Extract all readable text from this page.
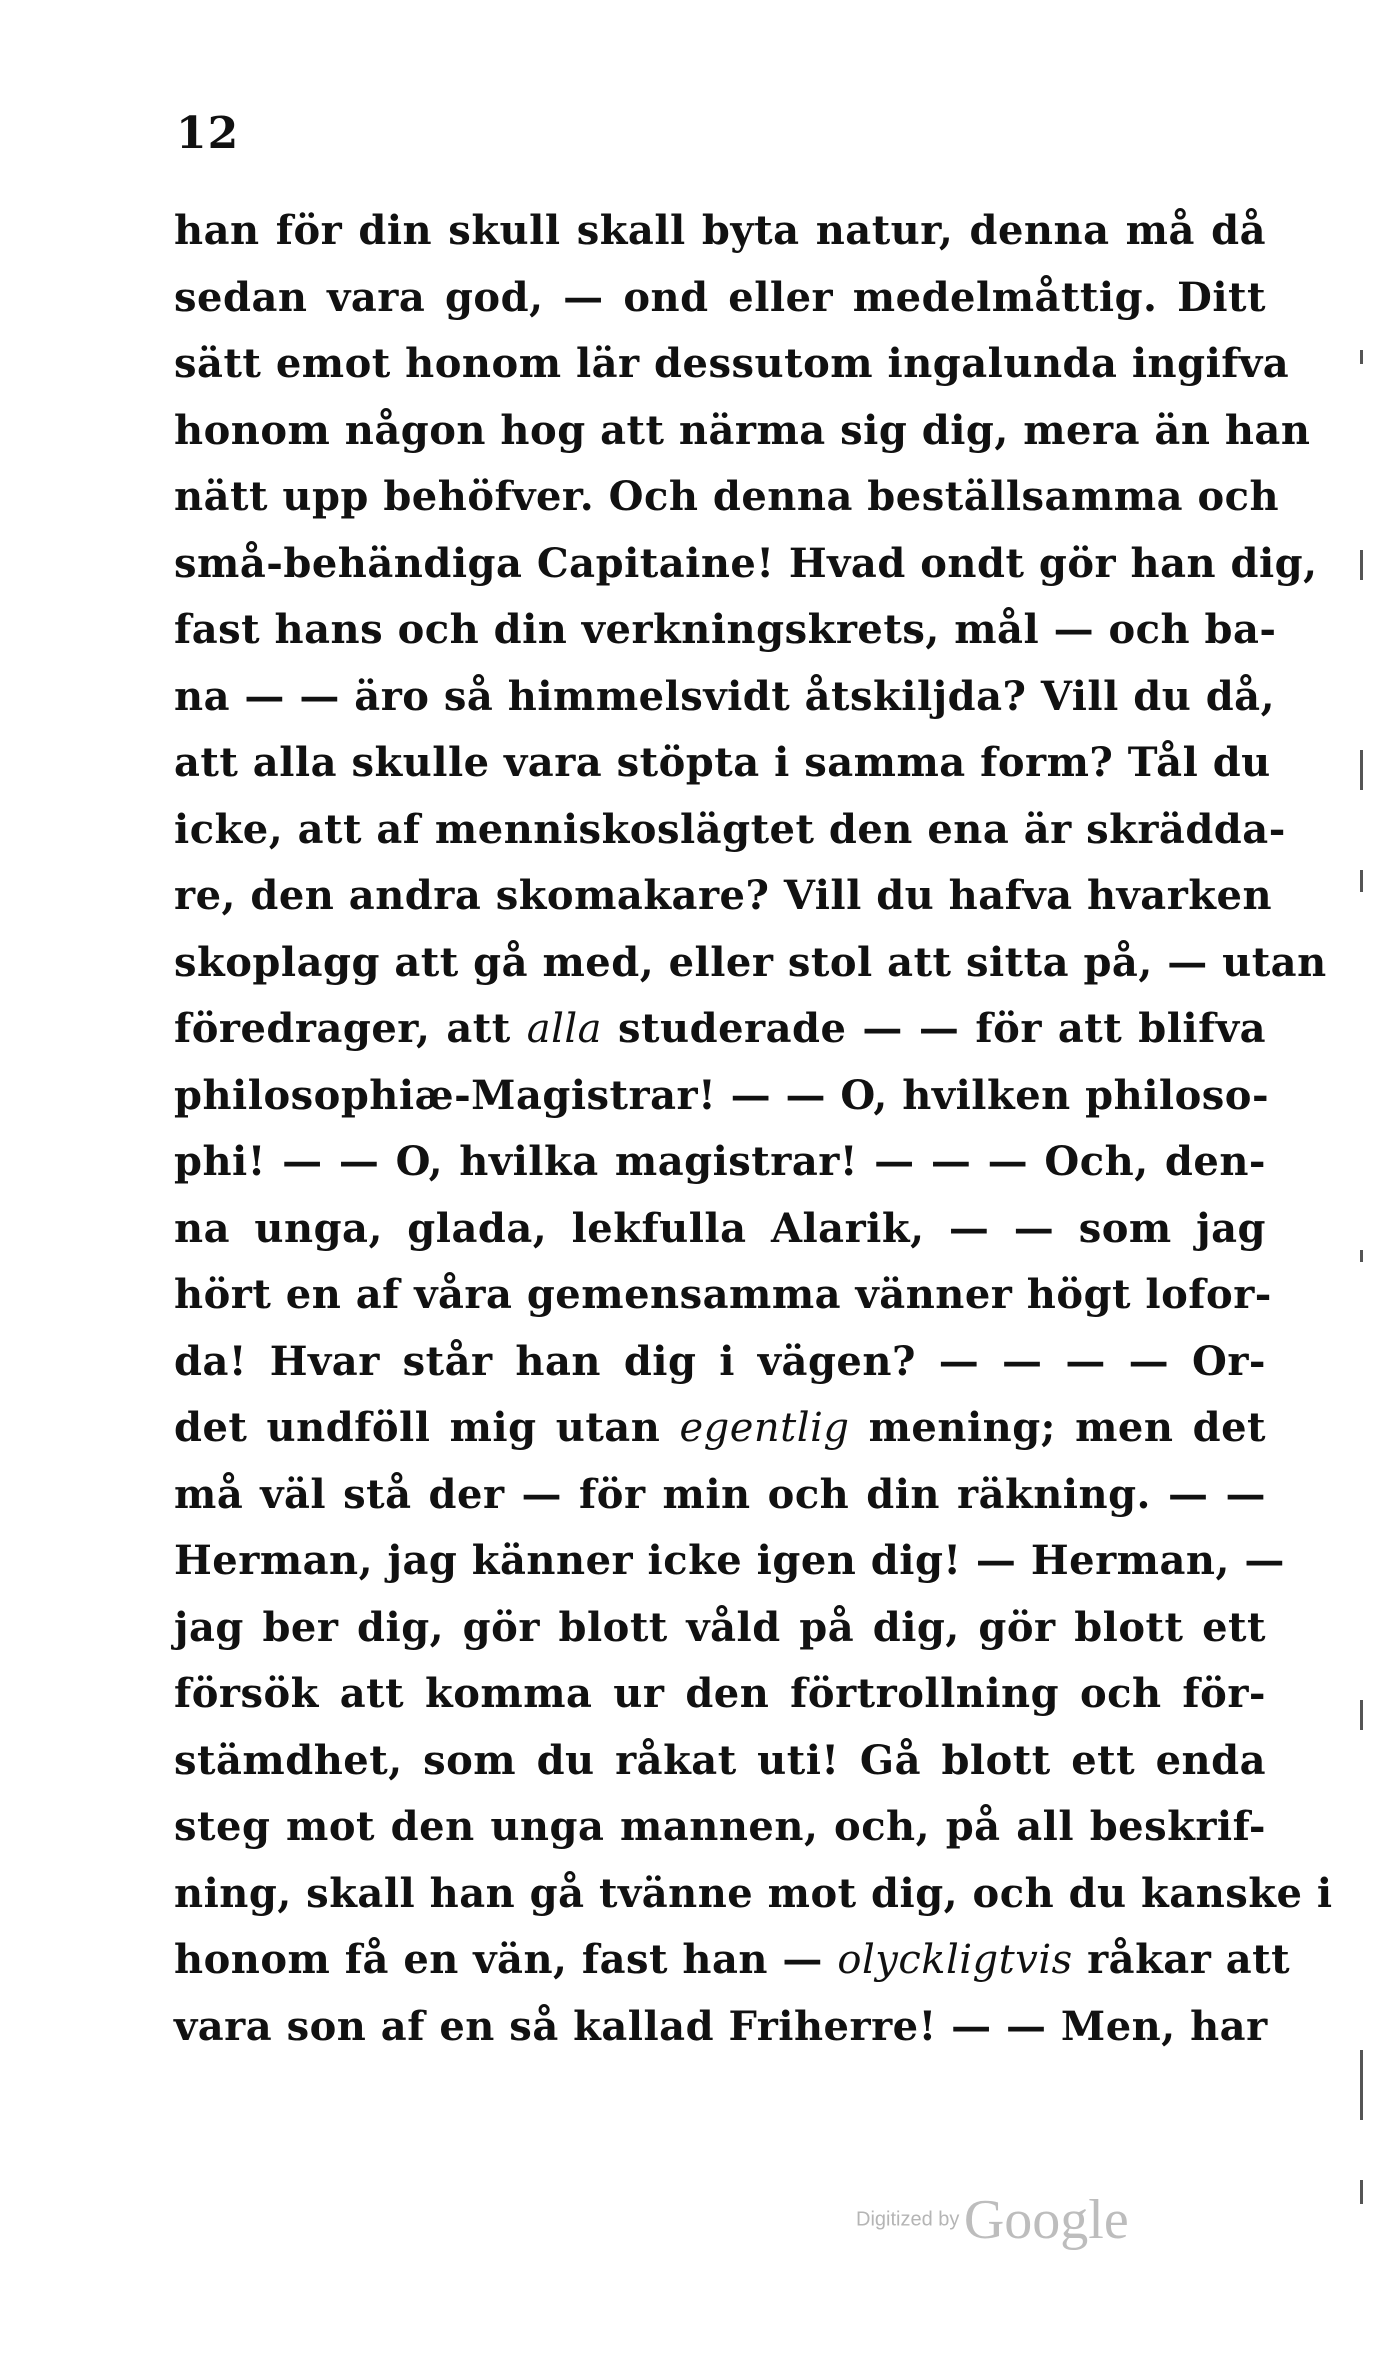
12
han för din skull skall byta natur, denna må då
sedan vara god, — ond eller medelmåttig. Ditt
sätt emot honom lär dessutom ingalunda ingifva
honom någon hog att närma sig dig, mera än han
nätt upp behöfver. Och denna beställsamma och
små-behändiga Capitaine! Hvad ondt gör han dig,
fast hans och din verkningskrets, mål — och ba-
na — — äro så himmelsvidt åtskiljda? Vill du då,
att alla skulle vara stöpta i samma form? Tål du
icke, att af menniskoslägtet den ena är skrädda-
re, den andra skomakare? Vill du hafva hvarken
skoplagg att gå med, eller stol att sitta på, — utan
föredrager, att alla studerade — — för att blifva
philosophiæ-Magistrar! — — O, hvilken philoso-
phi! — — O, hvilka magistrar! — — — Och, den-
na unga, glada, lekfulla Alarik, — — som jag
hört en af våra gemensamma vänner högt lofor-
da! Hvar står han dig i vägen? — — — — Or-
det undföll mig utan egentlig mening; men det
må väl stå der — för min och din räkning. — —
Herman, jag känner icke igen dig! — Herman, —
jag ber dig, gör blott våld på dig, gör blott ett
försök att komma ur den förtrollning och för-
stämdhet, som du råkat uti! Gå blott ett enda
steg mot den unga mannen, och, på all beskrif-
ning, skall han gå tvänne mot dig, och du kanske i
honom få en vän, fast han — olyckligtvis råkar att
vara son af en så kallad Friherre! — — Men, har
Digitized by Google
